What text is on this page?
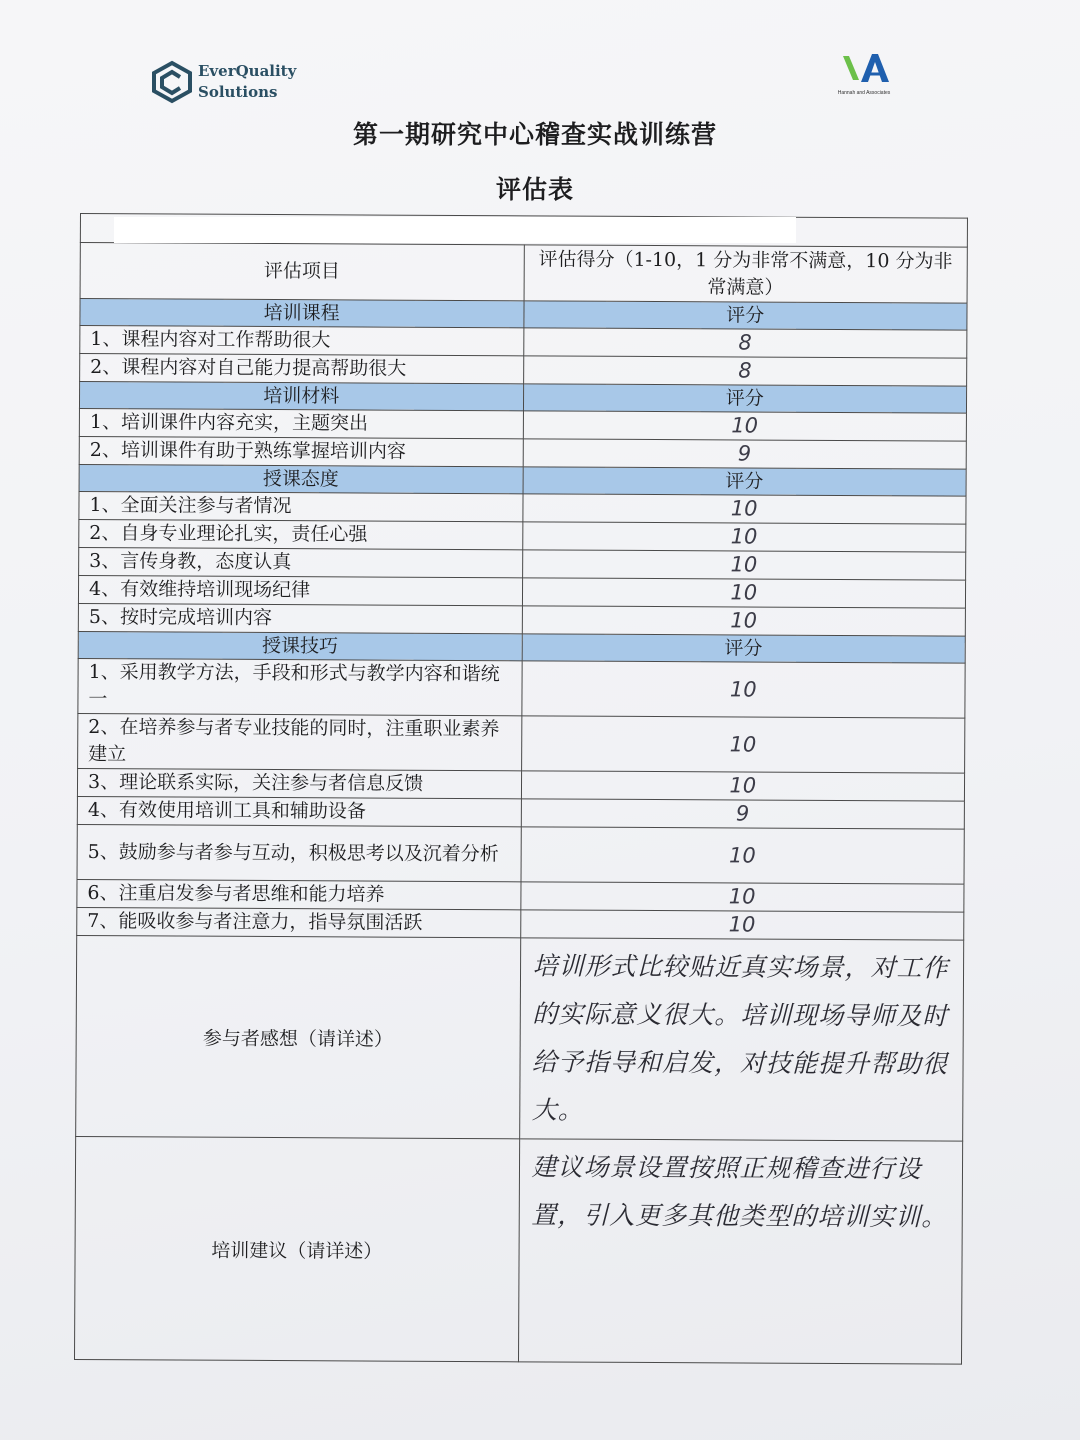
EverQuality
Solutions	Hannah and Associates
第一期研究中心稽查实战训练营
评估表

评估项目	评估得分（1-10，1 分为非常不满意，10 分为非常满意）
培训课程	评分
1、课程内容对工作帮助很大	8
2、课程内容对自己能力提高帮助很大	8
培训材料	评分
1、培训课件内容充实，主题突出	10
2、培训课件有助于熟练掌握培训内容	9
授课态度	评分
1、全面关注参与者情况	10
2、自身专业理论扎实，责任心强	10
3、言传身教，态度认真	10
4、有效维持培训现场纪律	10
5、按时完成培训内容	10
授课技巧	评分
1、采用教学方法，手段和形式与教学内容和谐统一	10
2、在培养参与者专业技能的同时，注重职业素养建立	10
3、理论联系实际，关注参与者信息反馈	10
4、有效使用培训工具和辅助设备	9
5、鼓励参与者参与互动，积极思考以及沉着分析	10
6、注重启发参与者思维和能力培养	10
7、能吸收参与者注意力，指导氛围活跃	10
参与者感想（请详述）	培训形式比较贴近真实场景，对工作的实际意义很大。培训现场导师及时给予指导和启发，对技能提升帮助很大。
培训建议（请详述）	建议场景设置按照正规稽查进行设置，引入更多其他类型的培训实训。
